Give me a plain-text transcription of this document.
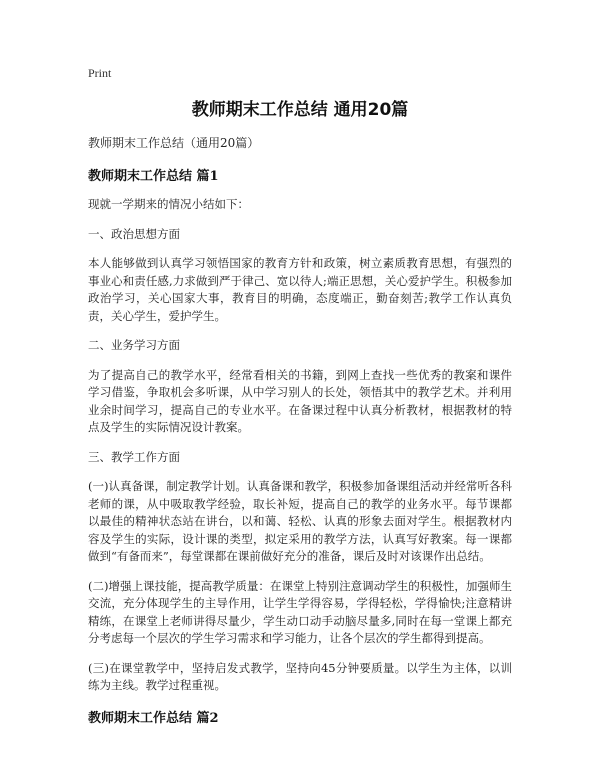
Print
教师期末工作总结 通用20篇
教师期末工作总结（通用20篇）
教师期末工作总结 篇1
现就一学期来的情况小结如下：
一、政治思想方面
本人能够做到认真学习领悟国家的教育方针和政策，树立素质教育思想，有强烈的事业心和责任感,力求做到严于律己、宽以待人;端正思想，关心爱护学生。积极参加政治学习，关心国家大事，教育目的明确，态度端正，勤奋刻苦;教学工作认真负责，关心学生，爱护学生。
二、业务学习方面
为了提高自己的教学水平，经常看相关的书籍，到网上查找一些优秀的教案和课件学习借鉴，争取机会多听课，从中学习别人的长处，领悟其中的教学艺术。并利用业余时间学习，提高自己的专业水平。在备课过程中认真分析教材，根据教材的特点及学生的实际情况设计教案。
三、教学工作方面
(一)认真备课，制定教学计划。认真备课和教学，积极参加备课组活动并经常听各科老师的课，从中吸取教学经验，取长补短，提高自己的教学的业务水平。每节课都以最佳的精神状态站在讲台，以和蔼、轻松、认真的形象去面对学生。根据教材内容及学生的实际，设计课的类型，拟定采用的教学方法，认真写好教案。每一课都做到“有备而来”，每堂课都在课前做好充分的准备，课后及时对该课作出总结。
(二)增强上课技能，提高教学质量：在课堂上特别注意调动学生的积极性，加强师生交流，充分体现学生的主导作用，让学生学得容易，学得轻松，学得愉快;注意精讲精练，在课堂上老师讲得尽量少，学生动口动手动脑尽量多,同时在每一堂课上都充分考虑每一个层次的学生学习需求和学习能力，让各个层次的学生都得到提高。
(三)在课堂教学中，坚持启发式教学，坚持向45分钟要质量。以学生为主体，以训练为主线。教学过程重视。
教师期末工作总结 篇2
